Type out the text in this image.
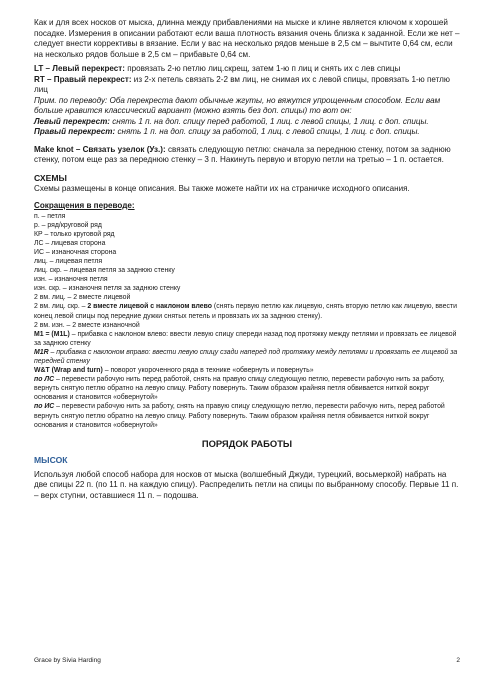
Как и для всех носков от мыска, длинна между прибавлениями на мыске и клине является ключом к хорошей посадке. Измерения в описании работают если ваша плотность вязания очень близка к заданной. Если же нет – следует внести коррективы в вязание. Если у вас на несколько рядов меньше в 2,5 см – вычтите 0,64 см, если на несколько рядов больше в 2,5 см – прибавьте 0,64 см.

LT – Левый перекрест: провязать 2-ю петлю лиц.скрещ, затем 1-ю п лиц и снять их с лев спицы

RT – Правый перекрест: из 2-х петель связать 2-2 вм лиц, не снимая их с левой спицы, провязать 1-ю петлю лиц

Прим. по переводу: Оба перекреста дают обычные жгуты, но вяжутся упрощенным способом. Если вам больше нравится классический вариант (можно взять без доп. спицы) то вот он:

Левый перекрест: снять 1 п. на доп. спицу перед работой, 1 лиц. с левой спицы, 1 лиц. с доп. спицы.

Правый перекрест: снять 1 п. на доп. спицу за работой, 1 лиц. с левой спицы, 1 лиц. с доп. спицы.

Make knot – Связать узелок (Уз.): связать следующую петлю: сначала за переднюю стенку, потом за заднюю стенку, потом еще раз за переднюю стенку – 3 п. Накинуть первую и вторую петли на третью – 1 п. остается.

СХЕМЫ

Схемы размещены в конце описания. Вы также можете найти их на страничке исходного описания.

Сокращения в переводе:

п. – петля

р. – ряд/круговой ряд

КР – только круговой ряд

ЛС – лицевая сторона

ИС – изнаночная сторона

лиц. – лицевая петля

лиц. скр. – лицевая петля за заднюю стенку

изн. – изнаночня петля

изн. скр. – изнаночня петля за заднюю стенку

2 вм. лиц. – 2 вместе лицевой

2 вм. лиц. скр. – 2 вместе лицевой с наклоном влево (снять первую петлю как лицевую, снять вторую петлю как лицевую, ввести конец левой спицы под передние дужки снятых петель и провязать их за заднюю стенку).

2 вм. изн. – 2 вместе изнаночной

M1 = (M1L) – прибавка с наклоном влево: ввести левую спицу спереди назад под протяжку между петлями и провязать ее лицевой за заднюю стенку

M1R – прибавка с наклоном вправо: ввести левую спицу сзади наперед под протяжку между петлями и провязать ее лицевой за передней стенку

W&T (Wrap and turn) – поворот укороченного ряда в технике «обвернуть и повернуть»

по ЛС – перевести рабочую нить перед работой, снять на правую спицу следующую петлю, перевести рабочую нить за работу, вернуть снятую петлю обратно на левую спицу. Работу повернуть. Таким образом крайняя петля обвивается ниткой вокруг основания и становится «обвернутой»

по ИС – перевести рабочую нить за работу, снять на правую спицу следующую петлю, перевести рабочую нить, перед работой вернуть снятую петлю обратно на левую спицу. Работу повернуть. Таким образом крайняя петля обвивается ниткой вокруг основания и становится «обвернутой»

ПОРЯДОК РАБОТЫ

МЫСОК

Используя любой способ набора для носков от мыска (волшебный Джуди, турецкий, восьмеркой) набрать на две спицы 22 п. (по 11 п. на каждую спицу). Распределить петли на спицы по выбранному способу. Первые 11 п. – верх ступни, оставшиеся 11 п. – подошва.

Grace by Sivia Harding	2
